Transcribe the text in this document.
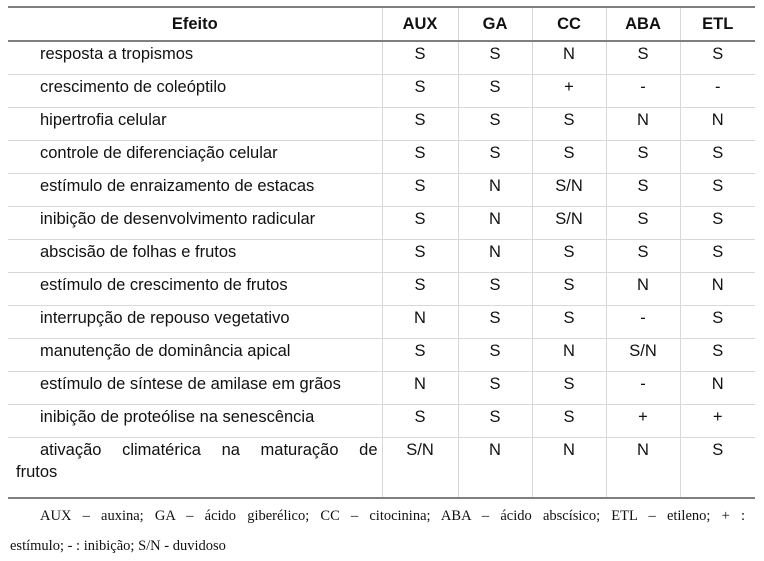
Efeito	AUX	GA	CC	ABA	ETL
resposta a tropismos	S	S	N	S	S
crescimento de coleóptilo	S	S	+	-	-
hipertrofia celular	S	S	S	N	N
controle de diferenciação celular	S	S	S	S	S
estímulo de enraizamento de estacas	S	N	S/N	S	S
inibição de desenvolvimento radicular	S	N	S/N	S	S
abscisão de folhas e frutos	S	N	S	S	S
estímulo de crescimento de frutos	S	S	S	N	N
interrupção de repouso vegetativo	N	S	S	-	S
manutenção de dominância apical	S	S	N	S/N	S
estímulo de síntese de amilase em grãos	N	S	S	-	N
inibição de proteólise na senescência	S	S	S	+	+

ativação climatérica na maturação de
frutos	S/N	N	N	N	S
AUX – auxina; GA – ácido giberélico; CC – citocinina; ABA – ácido abscísico; ETL – etileno; + :
estímulo; - : inibição; S/N - duvidoso
